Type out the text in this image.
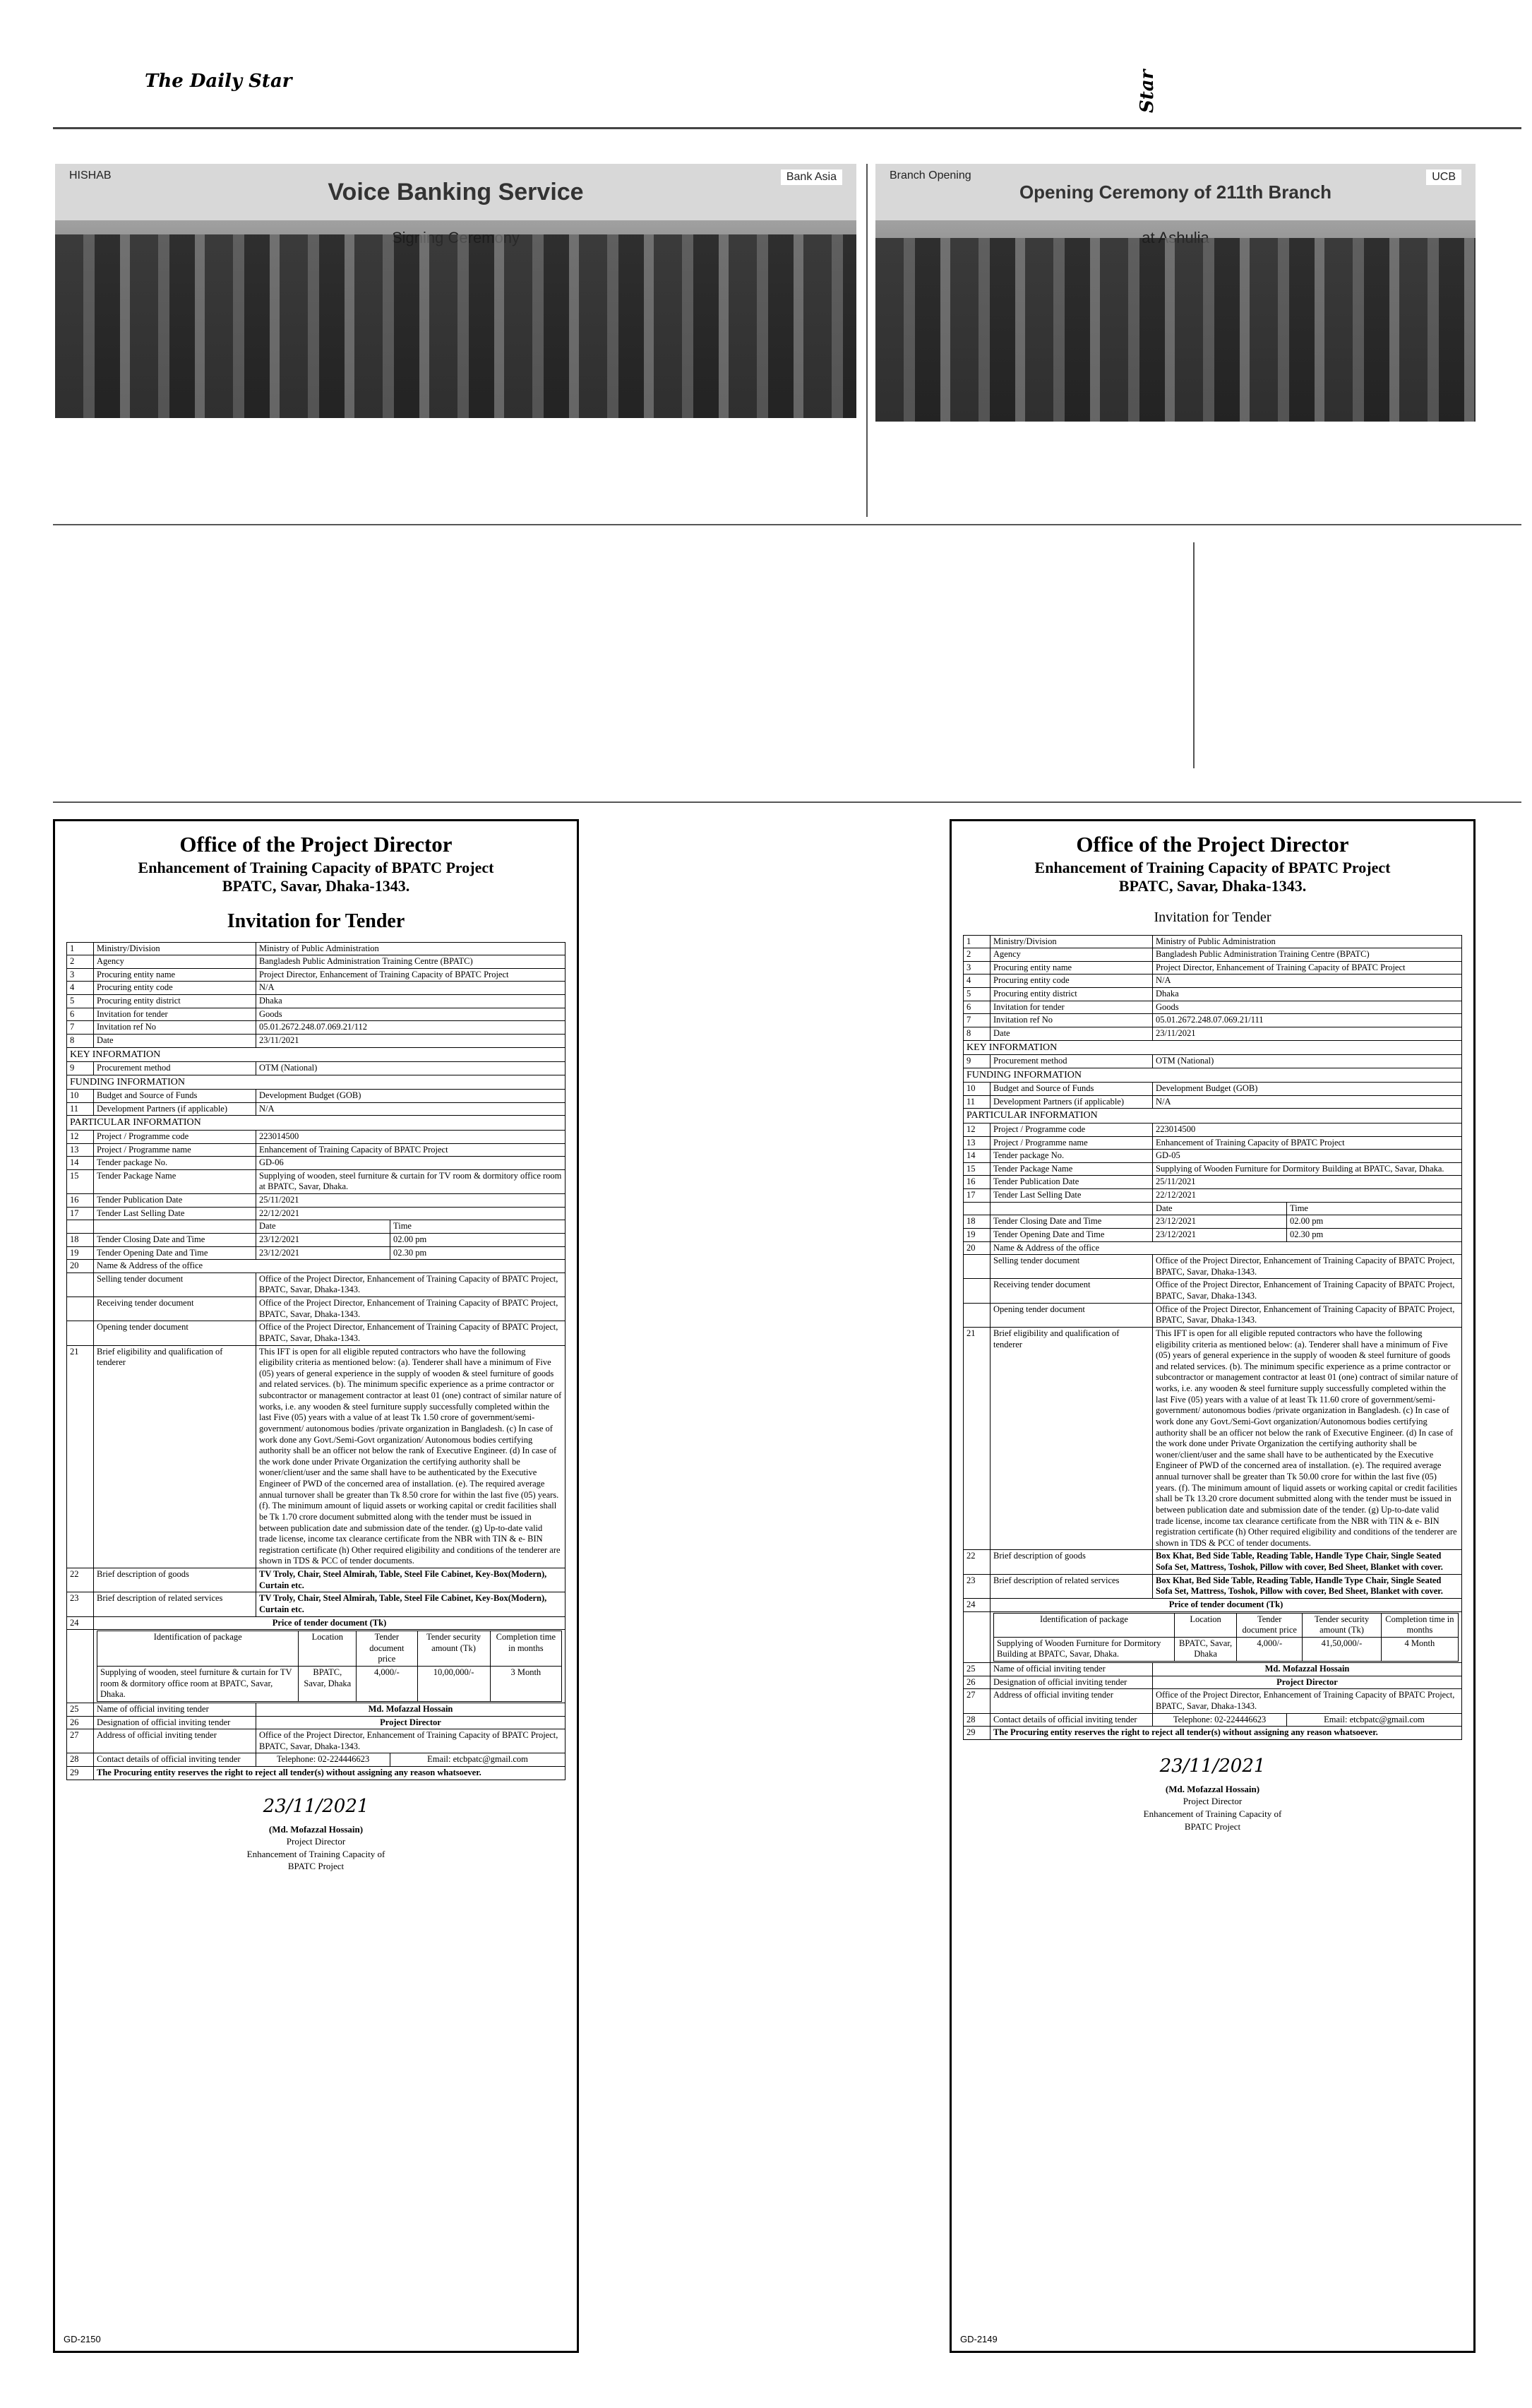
The Daily Star	Star
Voice Banking Service
HISHAB	Bank Asia
Opening Ceremony of 211th Branch
Branch Opening	UCB
Office of the Project Director
Enhancement of Training Capacity of BPATC Project
BPATC, Savar, Dhaka-1343.
Invitation for Tender
1	Ministry/Division	Ministry of Public Administration
2	Agency	Bangladesh Public Administration Training Centre (BPATC)
3	Procuring entity name	Project Director, Enhancement of Training Capacity of BPATC Project
4	Procuring entity code	N/A
5	Procuring entity district	Dhaka
6	Invitation for tender	Goods
7	Invitation ref No	05.01.2672.248.07.069.21/112
8	Date	23/11/2021
KEY INFORMATION
9	Procurement method	OTM (National)
FUNDING INFORMATION
10	Budget and Source of Funds	Development Budget (GOB)
11	Development Partners (if applicable)	N/A
PARTICULAR INFORMATION
12	Project / Programme code	223014500
13	Project / Programme name	Enhancement of Training Capacity of BPATC Project
14	Tender package No.	GD-06
15	Tender Package Name	Supplying of wooden, steel furniture & curtain for TV room & dormitory office room at BPATC, Savar, Dhaka.
16	Tender Publication Date	25/11/2021
17	Tender Last Selling Date	22/12/2021
		Date	Time
18	Tender Closing Date and Time	23/12/2021	02.00 pm
19	Tender Opening Date and Time	23/12/2021	02.30 pm
20	Name & Address of the office
	Selling tender document	Office of the Project Director, Enhancement of Training Capacity of BPATC Project, BPATC, Savar, Dhaka-1343.
	Receiving tender document	Office of the Project Director, Enhancement of Training Capacity of BPATC Project, BPATC, Savar, Dhaka-1343.
	Opening tender document	Office of the Project Director, Enhancement of Training Capacity of BPATC Project, BPATC, Savar, Dhaka-1343.
21	Brief eligibility and qualification of tenderer	This IFT is open for all eligible reputed contractors who have the following eligibility criteria as mentioned below: (a). Tenderer shall have a minimum of Five (05) years of general experience in the supply of wooden & steel furniture of goods and related services. (b). The minimum specific experience as a prime contractor or subcontractor or management contractor at least 01 (one) contract of similar nature of works, i.e. any wooden & steel furniture supply successfully completed within the last Five (05) years with a value of at least Tk 1.50 crore of government/semi-government/ autonomous bodies /private organization in Bangladesh. (c) In case of work done any Govt./Semi-Govt organization/ Autonomous bodies certifying authority shall be an officer not below the rank of Executive Engineer. (d) In case of the work done under Private Organization the certifying authority shall be woner/client/user and the same shall have to be authenticated by the Executive Engineer of PWD of the concerned area of installation. (e). The required average annual turnover shall be greater than Tk 8.50 crore for within the last five (05) years. (f). The minimum amount of liquid assets or working capital or credit facilities shall be Tk 1.70 crore document submitted along with the tender must be issued in between publication date and submission date of the tender. (g) Up-to-date valid trade license, income tax clearance certificate from the NBR with TIN & e- BIN registration certificate (h) Other required eligibility and conditions of the tenderer are shown in TDS & PCC of tender documents.
22	Brief description of goods	TV Troly, Chair, Steel Almirah, Table, Steel File Cabinet, Key-Box(Modern), Curtain etc.
23	Brief description of related services	TV Troly, Chair, Steel Almirah, Table, Steel File Cabinet, Key-Box(Modern), Curtain etc.
24	Price of tender document (Tk)

Identification of package	Location	Tender document price	Tender security amount (Tk)	Completion time in months
Supplying of wooden, steel furniture & curtain for TV room & dormitory office room at BPATC, Savar, Dhaka.	BPATC, Savar, Dhaka	4,000/-	10,00,000/-	3 Month

25	Name of official inviting tender	Md. Mofazzal Hossain
26	Designation of official inviting tender	Project Director
27	Address of official inviting tender	Office of the Project Director, Enhancement of Training Capacity of BPATC Project, BPATC, Savar, Dhaka-1343.
28	Contact details of official inviting tender	Telephone: 02-224446623	Email: etcbpatc@gmail.com
29	The Procuring entity reserves the right to reject all tender(s) without assigning any reason whatsoever.
23/11/2021
(Md. Mofazzal Hossain)
Project Director
Enhancement of Training Capacity of
BPATC Project
GD-2150
Office of the Project Director
Enhancement of Training Capacity of BPATC Project
BPATC, Savar, Dhaka-1343.
Invitation for Tender
1	Ministry/Division	Ministry of Public Administration
2	Agency	Bangladesh Public Administration Training Centre (BPATC)
3	Procuring entity name	Project Director, Enhancement of Training Capacity of BPATC Project
4	Procuring entity code	N/A
5	Procuring entity district	Dhaka
6	Invitation for tender	Goods
7	Invitation ref No	05.01.2672.248.07.069.21/111
8	Date	23/11/2021
KEY INFORMATION
9	Procurement method	OTM (National)
FUNDING INFORMATION
10	Budget and Source of Funds	Development Budget (GOB)
11	Development Partners (if applicable)	N/A
PARTICULAR INFORMATION
12	Project / Programme code	223014500
13	Project / Programme name	Enhancement of Training Capacity of BPATC Project
14	Tender package No.	GD-05
15	Tender Package Name	Supplying of Wooden Furniture for Dormitory Building at BPATC, Savar, Dhaka.
16	Tender Publication Date	25/11/2021
17	Tender Last Selling Date	22/12/2021
		Date	Time
18	Tender Closing Date and Time	23/12/2021	02.00 pm
19	Tender Opening Date and Time	23/12/2021	02.30 pm
20	Name & Address of the office
	Selling tender document	Office of the Project Director, Enhancement of Training Capacity of BPATC Project, BPATC, Savar, Dhaka-1343.
	Receiving tender document	Office of the Project Director, Enhancement of Training Capacity of BPATC Project, BPATC, Savar, Dhaka-1343.
	Opening tender document	Office of the Project Director, Enhancement of Training Capacity of BPATC Project, BPATC, Savar, Dhaka-1343.
21	Brief eligibility and qualification of tenderer	This IFT is open for all eligible reputed contractors who have the following eligibility criteria as mentioned below: (a). Tenderer shall have a minimum of Five (05) years of general experience in the supply of wooden & steel furniture of goods and related services. (b). The minimum specific experience as a prime contractor or subcontractor or management contractor at least 01 (one) contract of similar nature of works, i.e. any wooden & steel furniture supply successfully completed within the last Five (05) years with a value of at least Tk 11.60 crore of government/semi-government/ autonomous bodies /private organization in Bangladesh. (c) In case of work done any Govt./Semi-Govt organization/Autonomous bodies certifying authority shall be an officer not below the rank of Executive Engineer. (d) In case of the work done under Private Organization the certifying authority shall be woner/client/user and the same shall have to be authenticated by the Executive Engineer of PWD of the concerned area of installation. (e). The required average annual turnover shall be greater than Tk 50.00 crore for within the last five (05) years. (f). The minimum amount of liquid assets or working capital or credit facilities shall be Tk 13.20 crore document submitted along with the tender must be issued in between publication date and submission date of the tender. (g) Up-to-date valid trade license, income tax clearance certificate from the NBR with TIN & e- BIN registration certificate (h) Other required eligibility and conditions of the tenderer are shown in TDS & PCC of tender documents.
22	Brief description of goods	Box Khat, Bed Side Table, Reading Table, Handle Type Chair, Single Seated Sofa Set, Mattress, Toshok, Pillow with cover, Bed Sheet, Blanket with cover.
23	Brief description of related services	Box Khat, Bed Side Table, Reading Table, Handle Type Chair, Single Seated Sofa Set, Mattress, Toshok, Pillow with cover, Bed Sheet, Blanket with cover.
24	Price of tender document (Tk)

Identification of package	Location	Tender document price	Tender security amount (Tk)	Completion time in months
Supplying of Wooden Furniture for Dormitory Building at BPATC, Savar, Dhaka.	BPATC, Savar, Dhaka	4,000/-	41,50,000/-	4 Month

25	Name of official inviting tender	Md. Mofazzal Hossain
26	Designation of official inviting tender	Project Director
27	Address of official inviting tender	Office of the Project Director, Enhancement of Training Capacity of BPATC Project, BPATC, Savar, Dhaka-1343.
28	Contact details of official inviting tender	Telephone: 02-224446623	Email: etcbpatc@gmail.com
29	The Procuring entity reserves the right to reject all tender(s) without assigning any reason whatsoever.
23/11/2021
(Md. Mofazzal Hossain)
Project Director
Enhancement of Training Capacity of
BPATC Project
GD-2149
